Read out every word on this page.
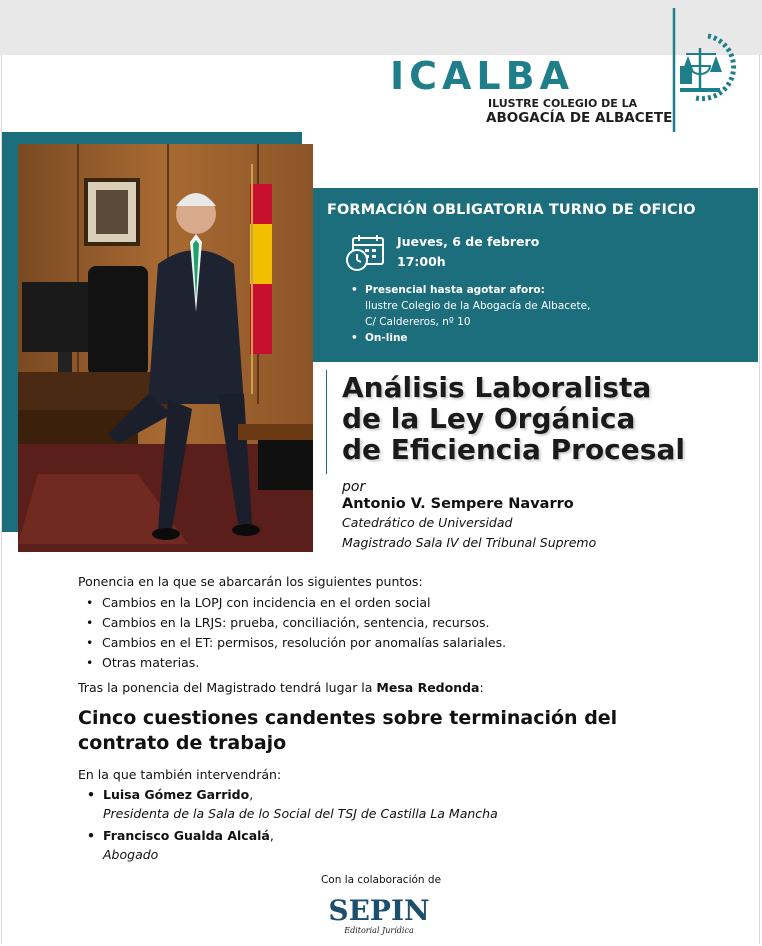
ICALBA
ILUSTRE COLEGIO DE LA
ABOGACÍA DE ALBACETE
FORMACIÓN OBLIGATORIA TURNO DE OFICIO
Jueves, 6 de febrero
17:00h
• Presencial hasta agotar aforo:
Ilustre Colegio de la Abogacía de Albacete,
C/ Caldereros, nº 10
• On-line
Análisis Laboralista
de la Ley Orgánica
de Eficiencia Procesal
por
Antonio V. Sempere Navarro
Catedrático de Universidad
Magistrado Sala IV del Tribunal Supremo
Ponencia en la que se abarcarán los siguientes puntos:
• Cambios en la LOPJ con incidencia en el orden social
• Cambios en la LRJS: prueba, conciliación, sentencia, recursos.
• Cambios en el ET: permisos, resolución por anomalías salariales.
• Otras materias.
Tras la ponencia del Magistrado tendrá lugar la Mesa Redonda:
Cinco cuestiones candentes sobre terminación del
contrato de trabajo
En la que también intervendrán:
• Luisa Gómez Garrido,
Presidenta de la Sala de lo Social del TSJ de Castilla La Mancha
• Francisco Gualda Alcalá,
Abogado
Con la colaboración de
SEPIN
Editorial Jurídica
